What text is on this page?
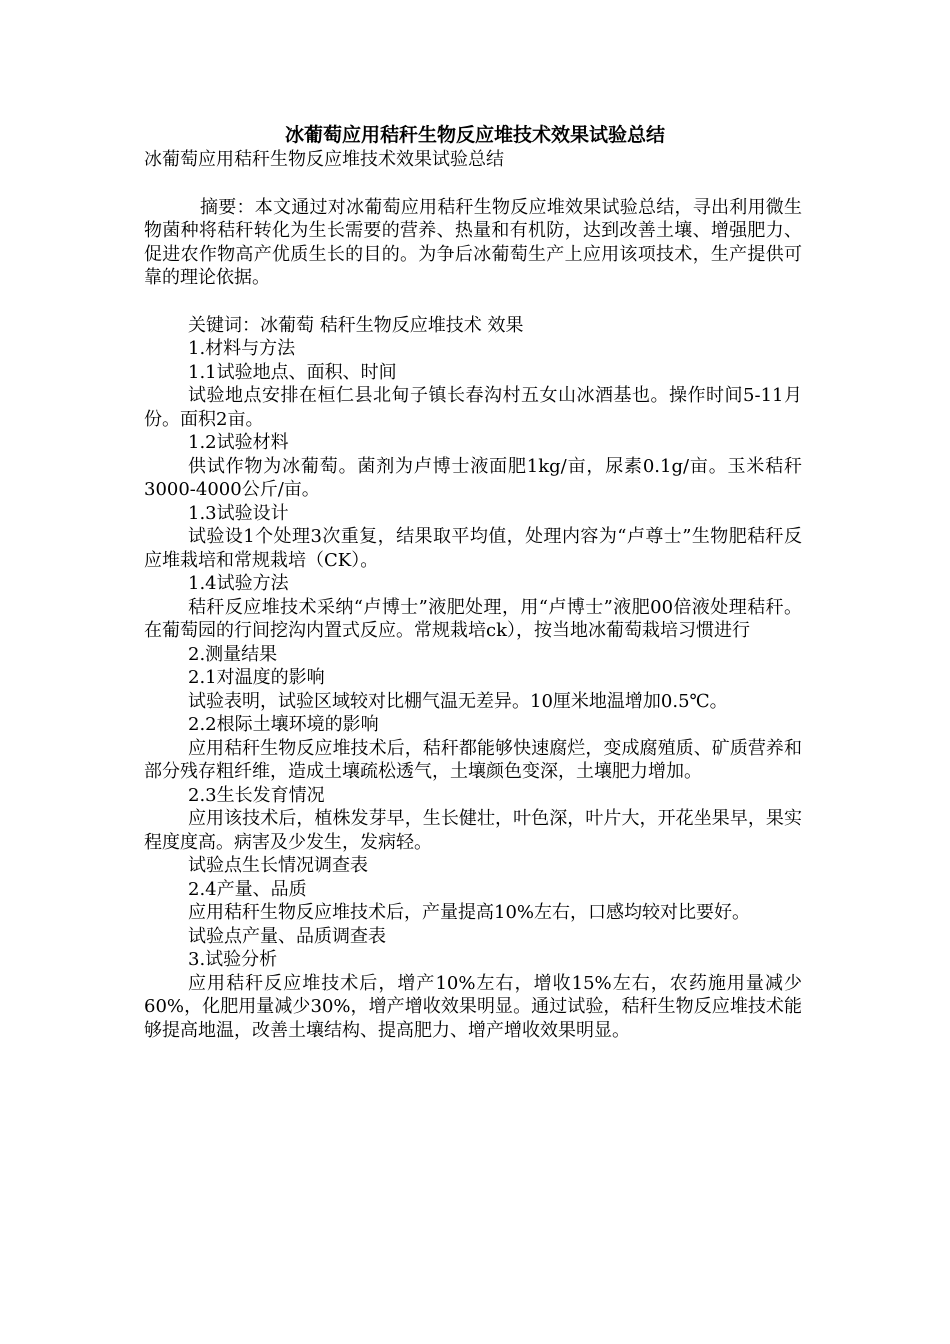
冰葡萄应用秸秆生物反应堆技术效果试验总结

冰葡萄应用秸秆生物反应堆技术效果试验总结

摘要：本文通过对冰葡萄应用秸秆生物反应堆效果试验总结，寻出利用微生物菌种将秸秆转化为生长需要的营养、热量和有机防，达到改善土壤、增强肥力、促进农作物高产优质生长的目的。为争后冰葡萄生产上应用该项技术，生产提供可靠的理论依据。

关键词：冰葡萄 秸秆生物反应堆技术 效果

1.材料与方法

1.1试验地点、面积、时间

试验地点安排在桓仁县北甸子镇长春沟村五女山冰酒基也。操作时间5-11月份。面积2亩。

1.2试验材料

供试作物为冰葡萄。菌剂为卢博士液面肥1kg/亩，尿素0.1g/亩。玉米秸秆3000-4000公斤/亩。

1.3试验设计

试验设1个处理3次重复，结果取平均值，处理内容为“卢尊士”生物肥秸秆反应堆栽培和常规栽培（CK）。

1.4试验方法

秸秆反应堆技术采纳“卢博士”液肥处理，用“卢博士”液肥00倍液处理秸秆。在葡萄园的行间挖沟内置式反应。常规栽培ck），按当地冰葡萄栽培习惯进行

2.测量结果

2.1对温度的影响

试验表明，试验区域较对比棚气温无差异。10厘米地温增加0.5℃。

2.2根际土壤环境的影响

应用秸秆生物反应堆技术后，秸秆都能够快速腐烂，变成腐殖质、矿质营养和部分残存粗纤维，造成土壤疏松透气，土壤颜色变深，土壤肥力增加。

2.3生长发育情况

应用该技术后，植株发芽早，生长健壮，叶色深，叶片大，开花坐果早，果实程度度高。病害及少发生，发病轻。

试验点生长情况调查表

2.4产量、品质

应用秸秆生物反应堆技术后，产量提高10%左右，口感均较对比要好。

试验点产量、品质调查表

3.试验分析

应用秸秆反应堆技术后，增产10%左右，增收15%左右，农药施用量减少60%，化肥用量减少30%，增产增收效果明显。通过试验，秸秆生物反应堆技术能够提高地温，改善土壤结构、提高肥力、增产增收效果明显。
